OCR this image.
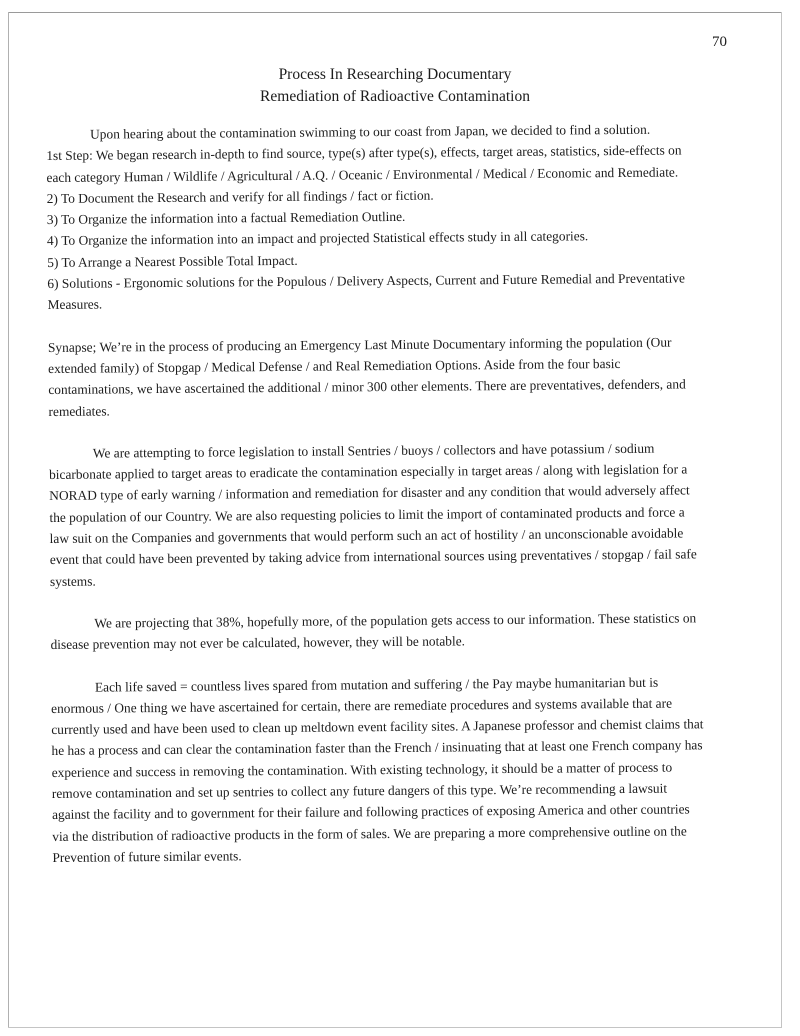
70
Process In Researching Documentary
Remediation of Radioactive Contamination
Upon hearing about the contamination swimming to our coast from Japan, we decided to find a solution.
1st Step: We began research in-depth to find source, type(s) after type(s), effects, target areas, statistics, side-effects on
each category Human / Wildlife / Agricultural / A.Q. / Oceanic / Environmental / Medical / Economic and Remediate.
2) To Document the Research and verify for all findings / fact or fiction.
3) To Organize the information into a factual Remediation Outline.
4) To Organize the information into an impact and projected Statistical effects study in all categories.
5) To Arrange a Nearest Possible Total Impact.
6) Solutions - Ergonomic solutions for the Populous / Delivery Aspects, Current and Future Remedial and Preventative
Measures.
Synapse; We’re in the process of producing an Emergency Last Minute Documentary informing the population (Our
extended family) of Stopgap / Medical Defense / and Real Remediation Options. Aside from the four basic
contaminations, we have ascertained the additional / minor 300 other elements. There are preventatives, defenders, and
remediates.
We are attempting to force legislation to install Sentries / buoys / collectors and have potassium / sodium
bicarbonate applied to target areas to eradicate the contamination especially in target areas / along with legislation for a
NORAD type of early warning / information and remediation for disaster and any condition that would adversely affect
the population of our Country. We are also requesting policies to limit the import of contaminated products and force a
law suit on the Companies and governments that would perform such an act of hostility / an unconscionable avoidable
event that could have been prevented by taking advice from international sources using preventatives / stopgap / fail safe
systems.
We are projecting that 38%, hopefully more, of the population gets access to our information. These statistics on
disease prevention may not ever be calculated, however, they will be notable.
Each life saved = countless lives spared from mutation and suffering / the Pay maybe humanitarian but is
enormous / One thing we have ascertained for certain, there are remediate procedures and systems available that are
currently used and have been used to clean up meltdown event facility sites. A Japanese professor and chemist claims that
he has a process and can clear the contamination faster than the French / insinuating that at least one French company has
experience and success in removing the contamination. With existing technology, it should be a matter of process to
remove contamination and set up sentries to collect any future dangers of this type. We’re recommending a lawsuit
against the facility and to government for their failure and following practices of exposing America and other countries
via the distribution of radioactive products in the form of sales. We are preparing a more comprehensive outline on the
Prevention of future similar events.
